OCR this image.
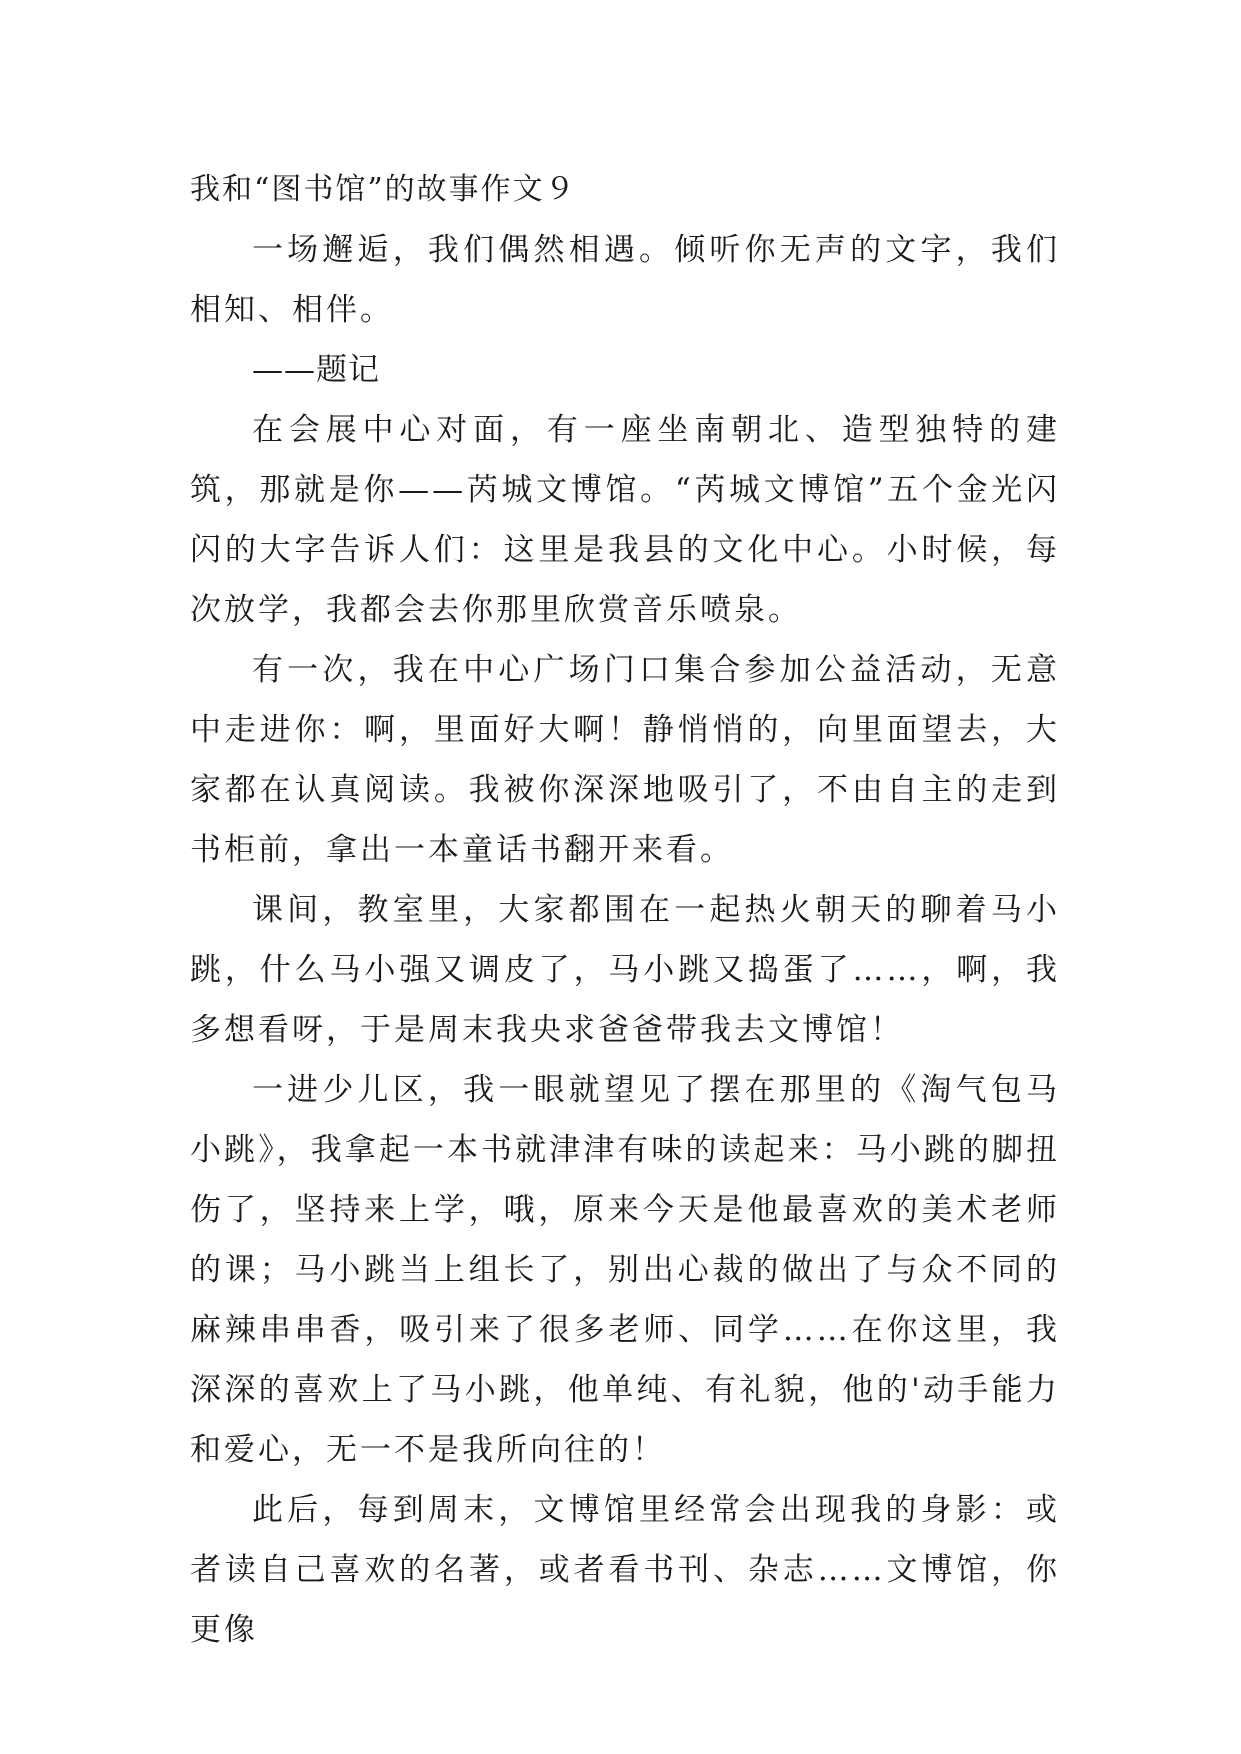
我和“图书馆”的故事作文９

一场邂逅，我们偶然相遇。倾听你无声的文字，我们相知、相伴。

——题记

在会展中心对面，有一座坐南朝北、造型独特的建筑，那就是你——芮城文博馆。“芮城文博馆”五个金光闪闪的大字告诉人们：这里是我县的文化中心。小时候，每次放学，我都会去你那里欣赏音乐喷泉。

有一次，我在中心广场门口集合参加公益活动，无意中走进你：啊，里面好大啊！静悄悄的，向里面望去，大家都在认真阅读。我被你深深地吸引了，不由自主的走到书柜前，拿出一本童话书翻开来看。

课间，教室里，大家都围在一起热火朝天的聊着马小跳，什么马小强又调皮了，马小跳又捣蛋了……，啊，我多想看呀，于是周末我央求爸爸带我去文博馆！

一进少儿区，我一眼就望见了摆在那里的《淘气包马小跳》，我拿起一本书就津津有味的读起来：马小跳的脚扭伤了，坚持来上学，哦，原来今天是他最喜欢的美术老师的课；马小跳当上组长了，别出心裁的做出了与众不同的麻辣串串香，吸引来了很多老师、同学……在你这里，我深深的喜欢上了马小跳，他单纯、有礼貌，他的'动手能力和爱心，无一不是我所向往的！

此后，每到周末，文博馆里经常会出现我的身影：或者读自己喜欢的名著，或者看书刊、杂志……文博馆，你更像
